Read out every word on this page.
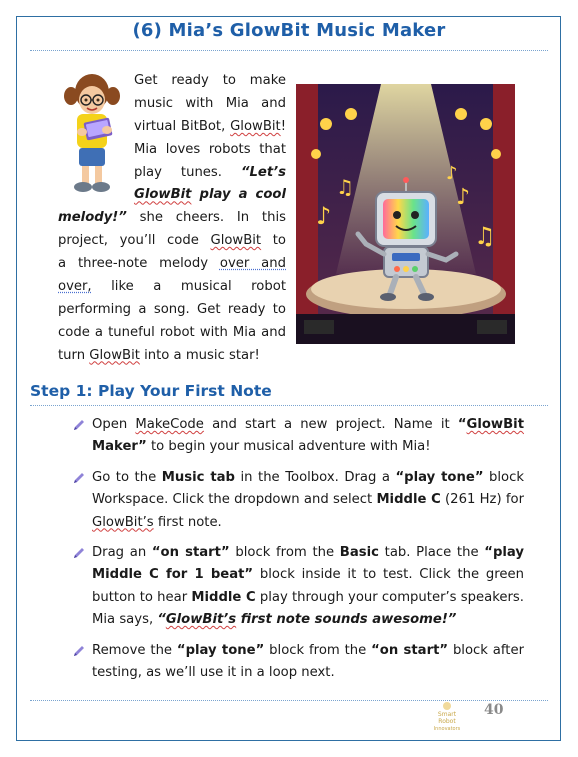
(6) Mia’s GlowBit Music Maker
Get ready to make
music with Mia and
virtual BitBot, GlowBit!
Mia loves robots that
play tunes. “Let’s
GlowBit play a cool
melody!” she cheers. In this
project, you’ll code GlowBit to
a three-note melody over and
over, like a musical robot
performing a song. Get ready to
code a tuneful robot with Mia and
turn GlowBit into a music star!
♪
♫	♪
♫
♪
Step 1: Play Your First Note
Open MakeCode and start a new project. Name it “GlowBit
Maker” to begin your musical adventure with Mia!
Go to the Music tab in the Toolbox. Drag a “play tone” block
Workspace. Click the dropdown and select Middle C (261 Hz) for
GlowBit’s first note.
Drag an “on start” block from the Basic tab. Place the “play
Middle C for 1 beat” block inside it to test. Click the green
button to hear Middle C play through your computer’s speakers.
Mia says, “GlowBit’s first note sounds awesome!”
Remove the “play tone” block from the “on start” block after
testing, as we’ll use it in a loop next.
Smart
Robot
Innovators
40
